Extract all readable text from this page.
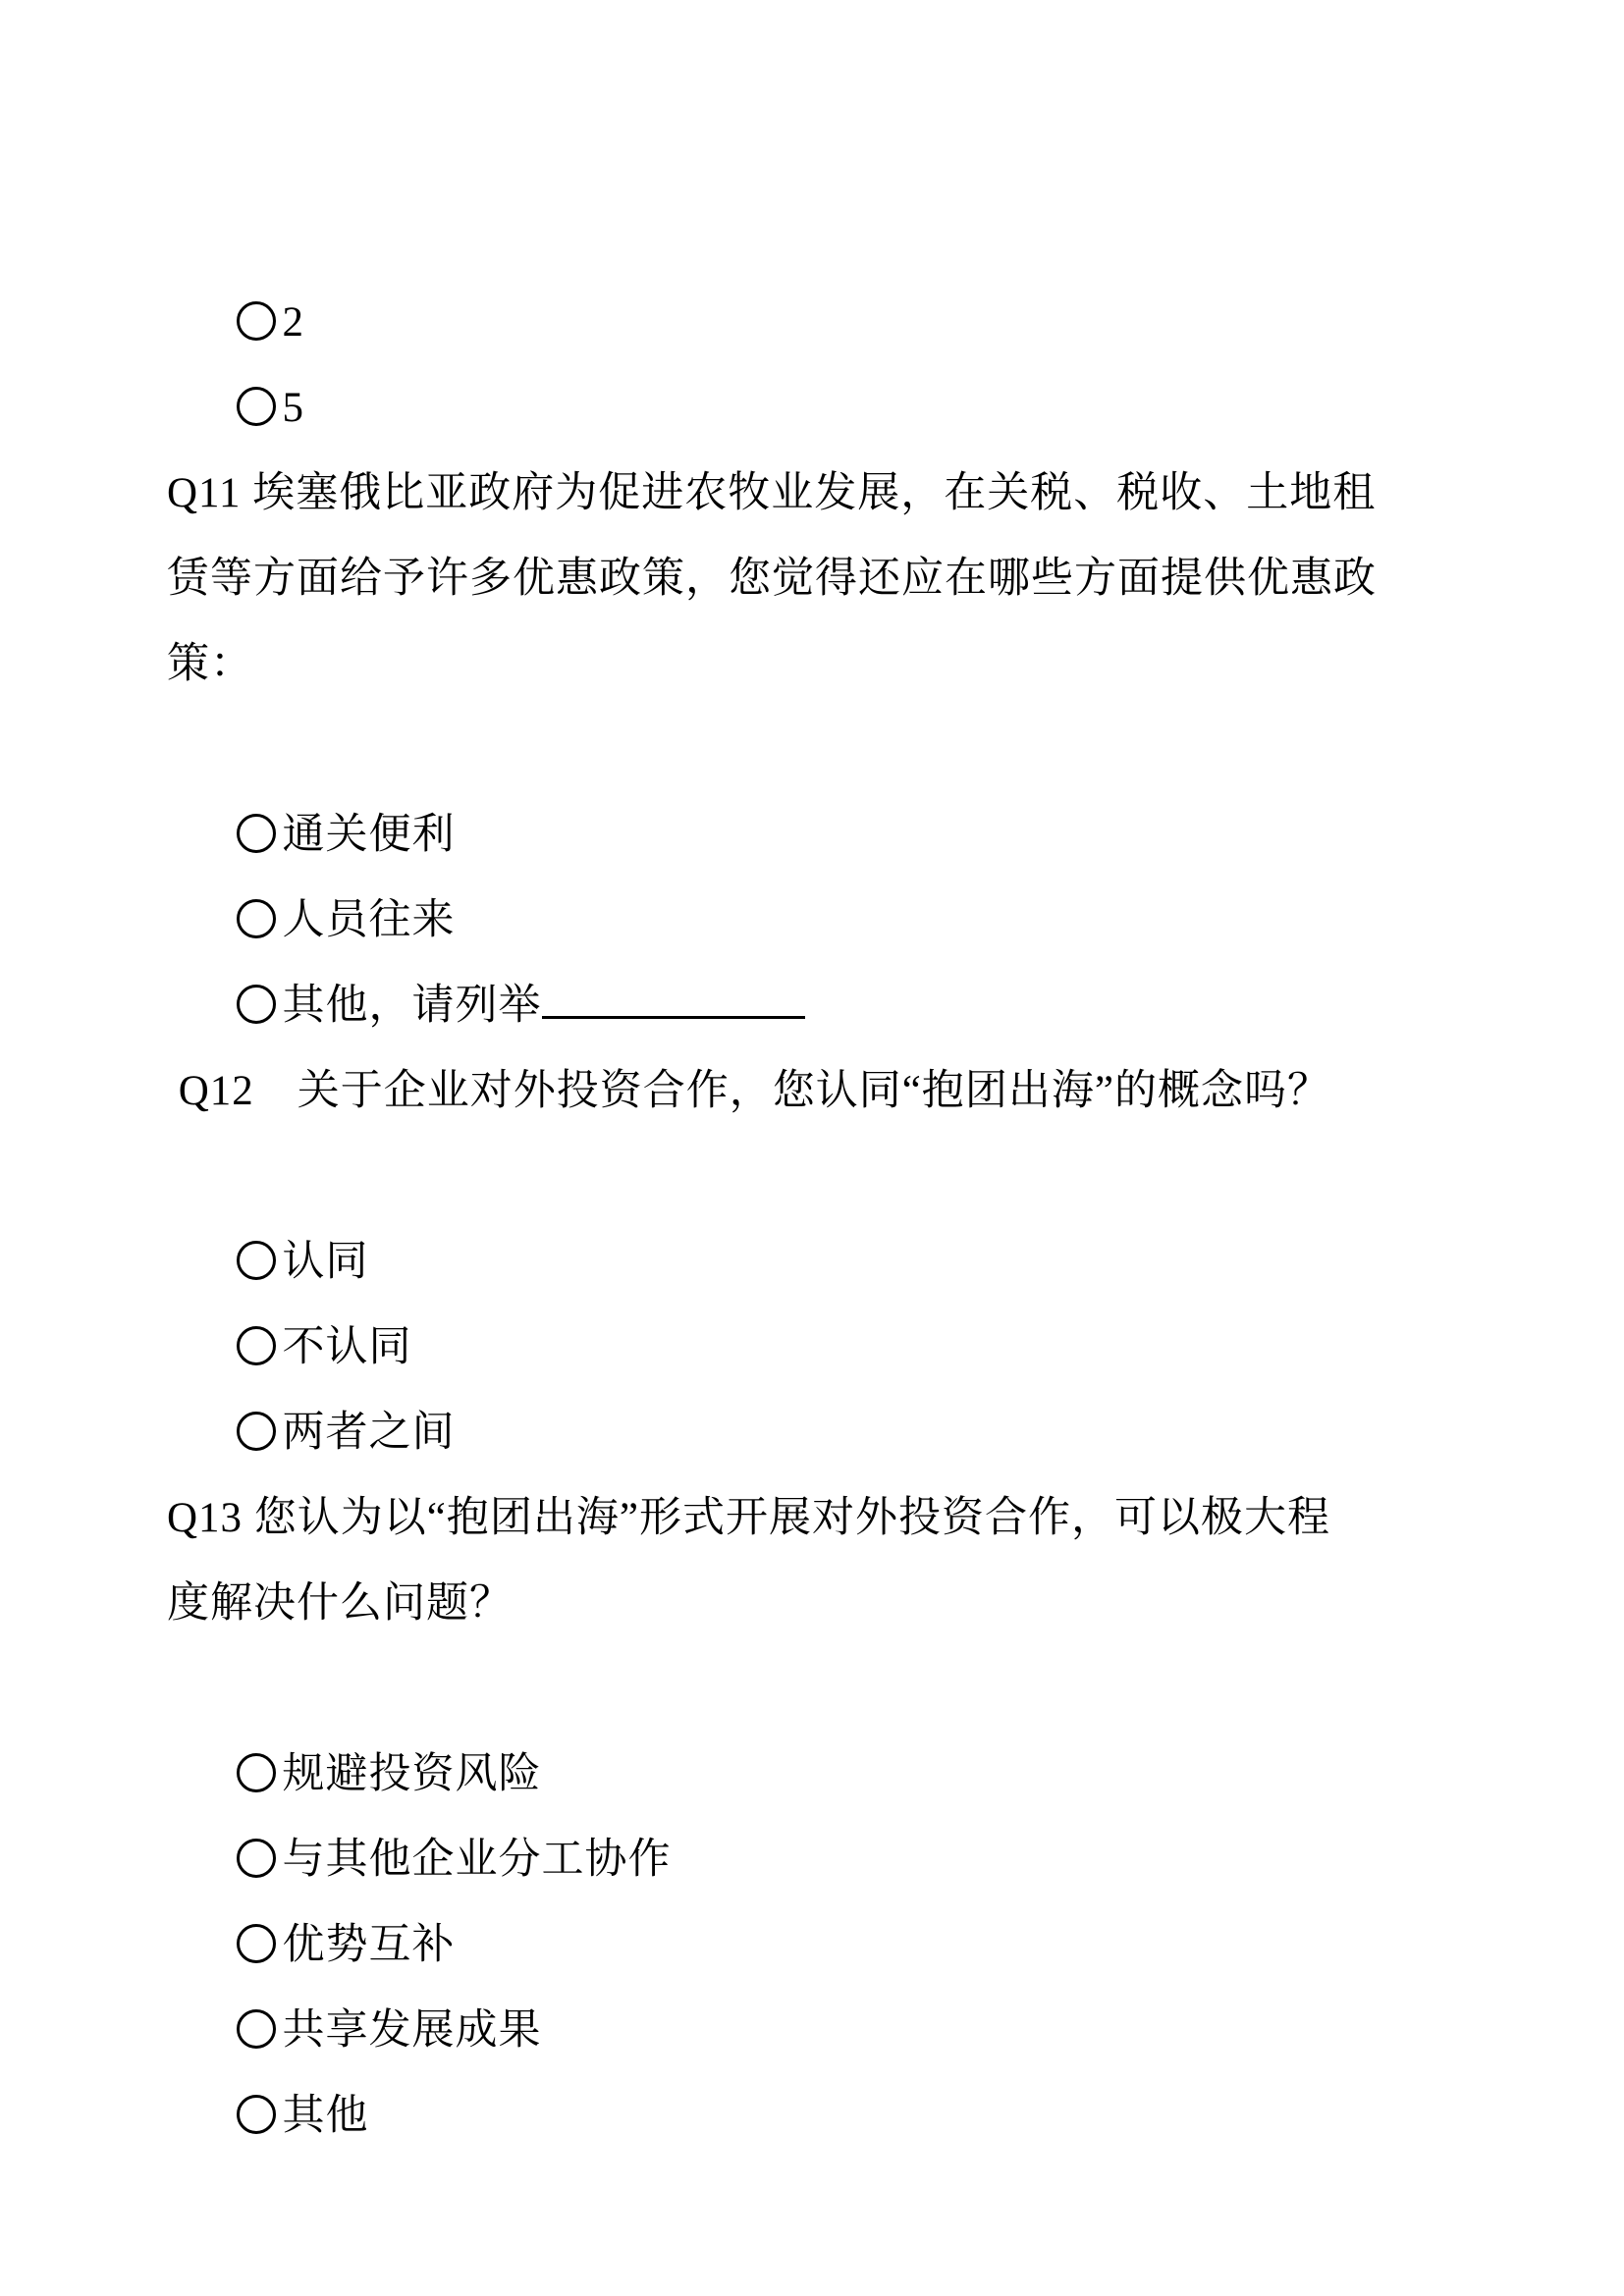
2

5

Q11 埃塞俄比亚政府为促进农牧业发展，在关税、税收、土地租
赁等方面给予许多优惠政策，您觉得还应在哪些方面提供优惠政
策：

通关便利

人员往来

其他，请列举

Q12　关于企业对外投资合作，您认同“抱团出海”的概念吗？

认同

不认同

两者之间

Q13 您认为以“抱团出海”形式开展对外投资合作，可以极大程
度解决什么问题？

规避投资风险

与其他企业分工协作

优势互补

共享发展成果

其他
